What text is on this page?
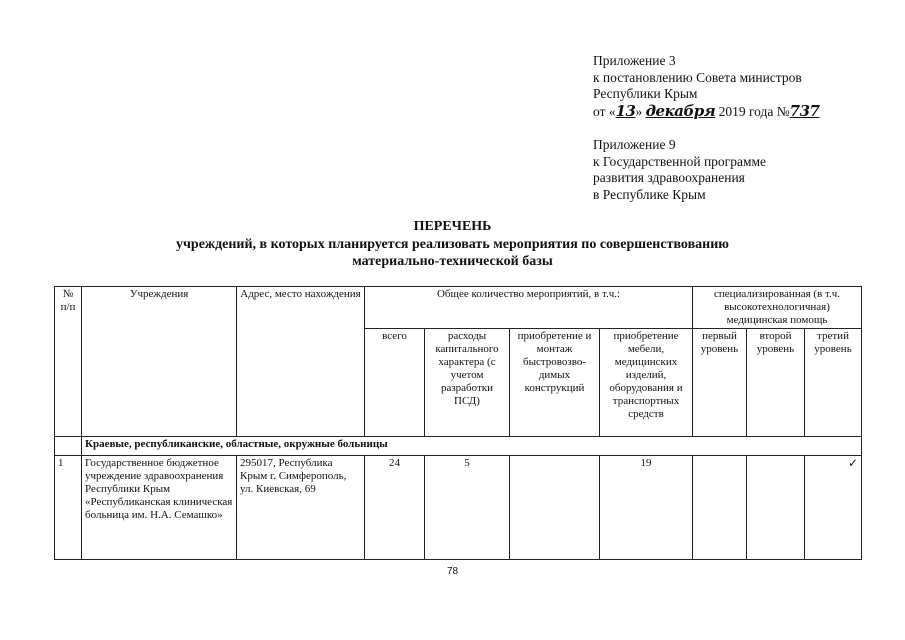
Приложение 3
к постановлению Совета министров
Республики Крым
от «13» декабря 2019 года №737
Приложение 9
к Государственной программе
развития здравоохранения
в Республике Крым
ПЕРЕЧЕНЬ
учреждений, в которых планируется реализовать мероприятия по совершенствованию материально-технической базы
№ п/п	Учреждения	Адрес, место нахождения	Общее количество мероприятий, в т.ч.:				специализированная (в т.ч. высокотехнологичная) медицинская помощь		
			всего	расходы капитального характера (с учетом разработки ПСД)	приобретение и монтаж быстровозво-димых конструкций	приобретение мебели, медицинских изделий, оборудования и транспортных средств	первый уровень	второй уровень	третий уровень
	Краевые, республиканские, областные, окружные больницы								
1	Государственное бюджетное учреждение здравоохранения Республики Крым «Республиканская клиническая больница им. Н.А. Семашко»	295017, Республика Крым г. Симферополь, ул. Киевская, 69	24	5		19			✓
78
